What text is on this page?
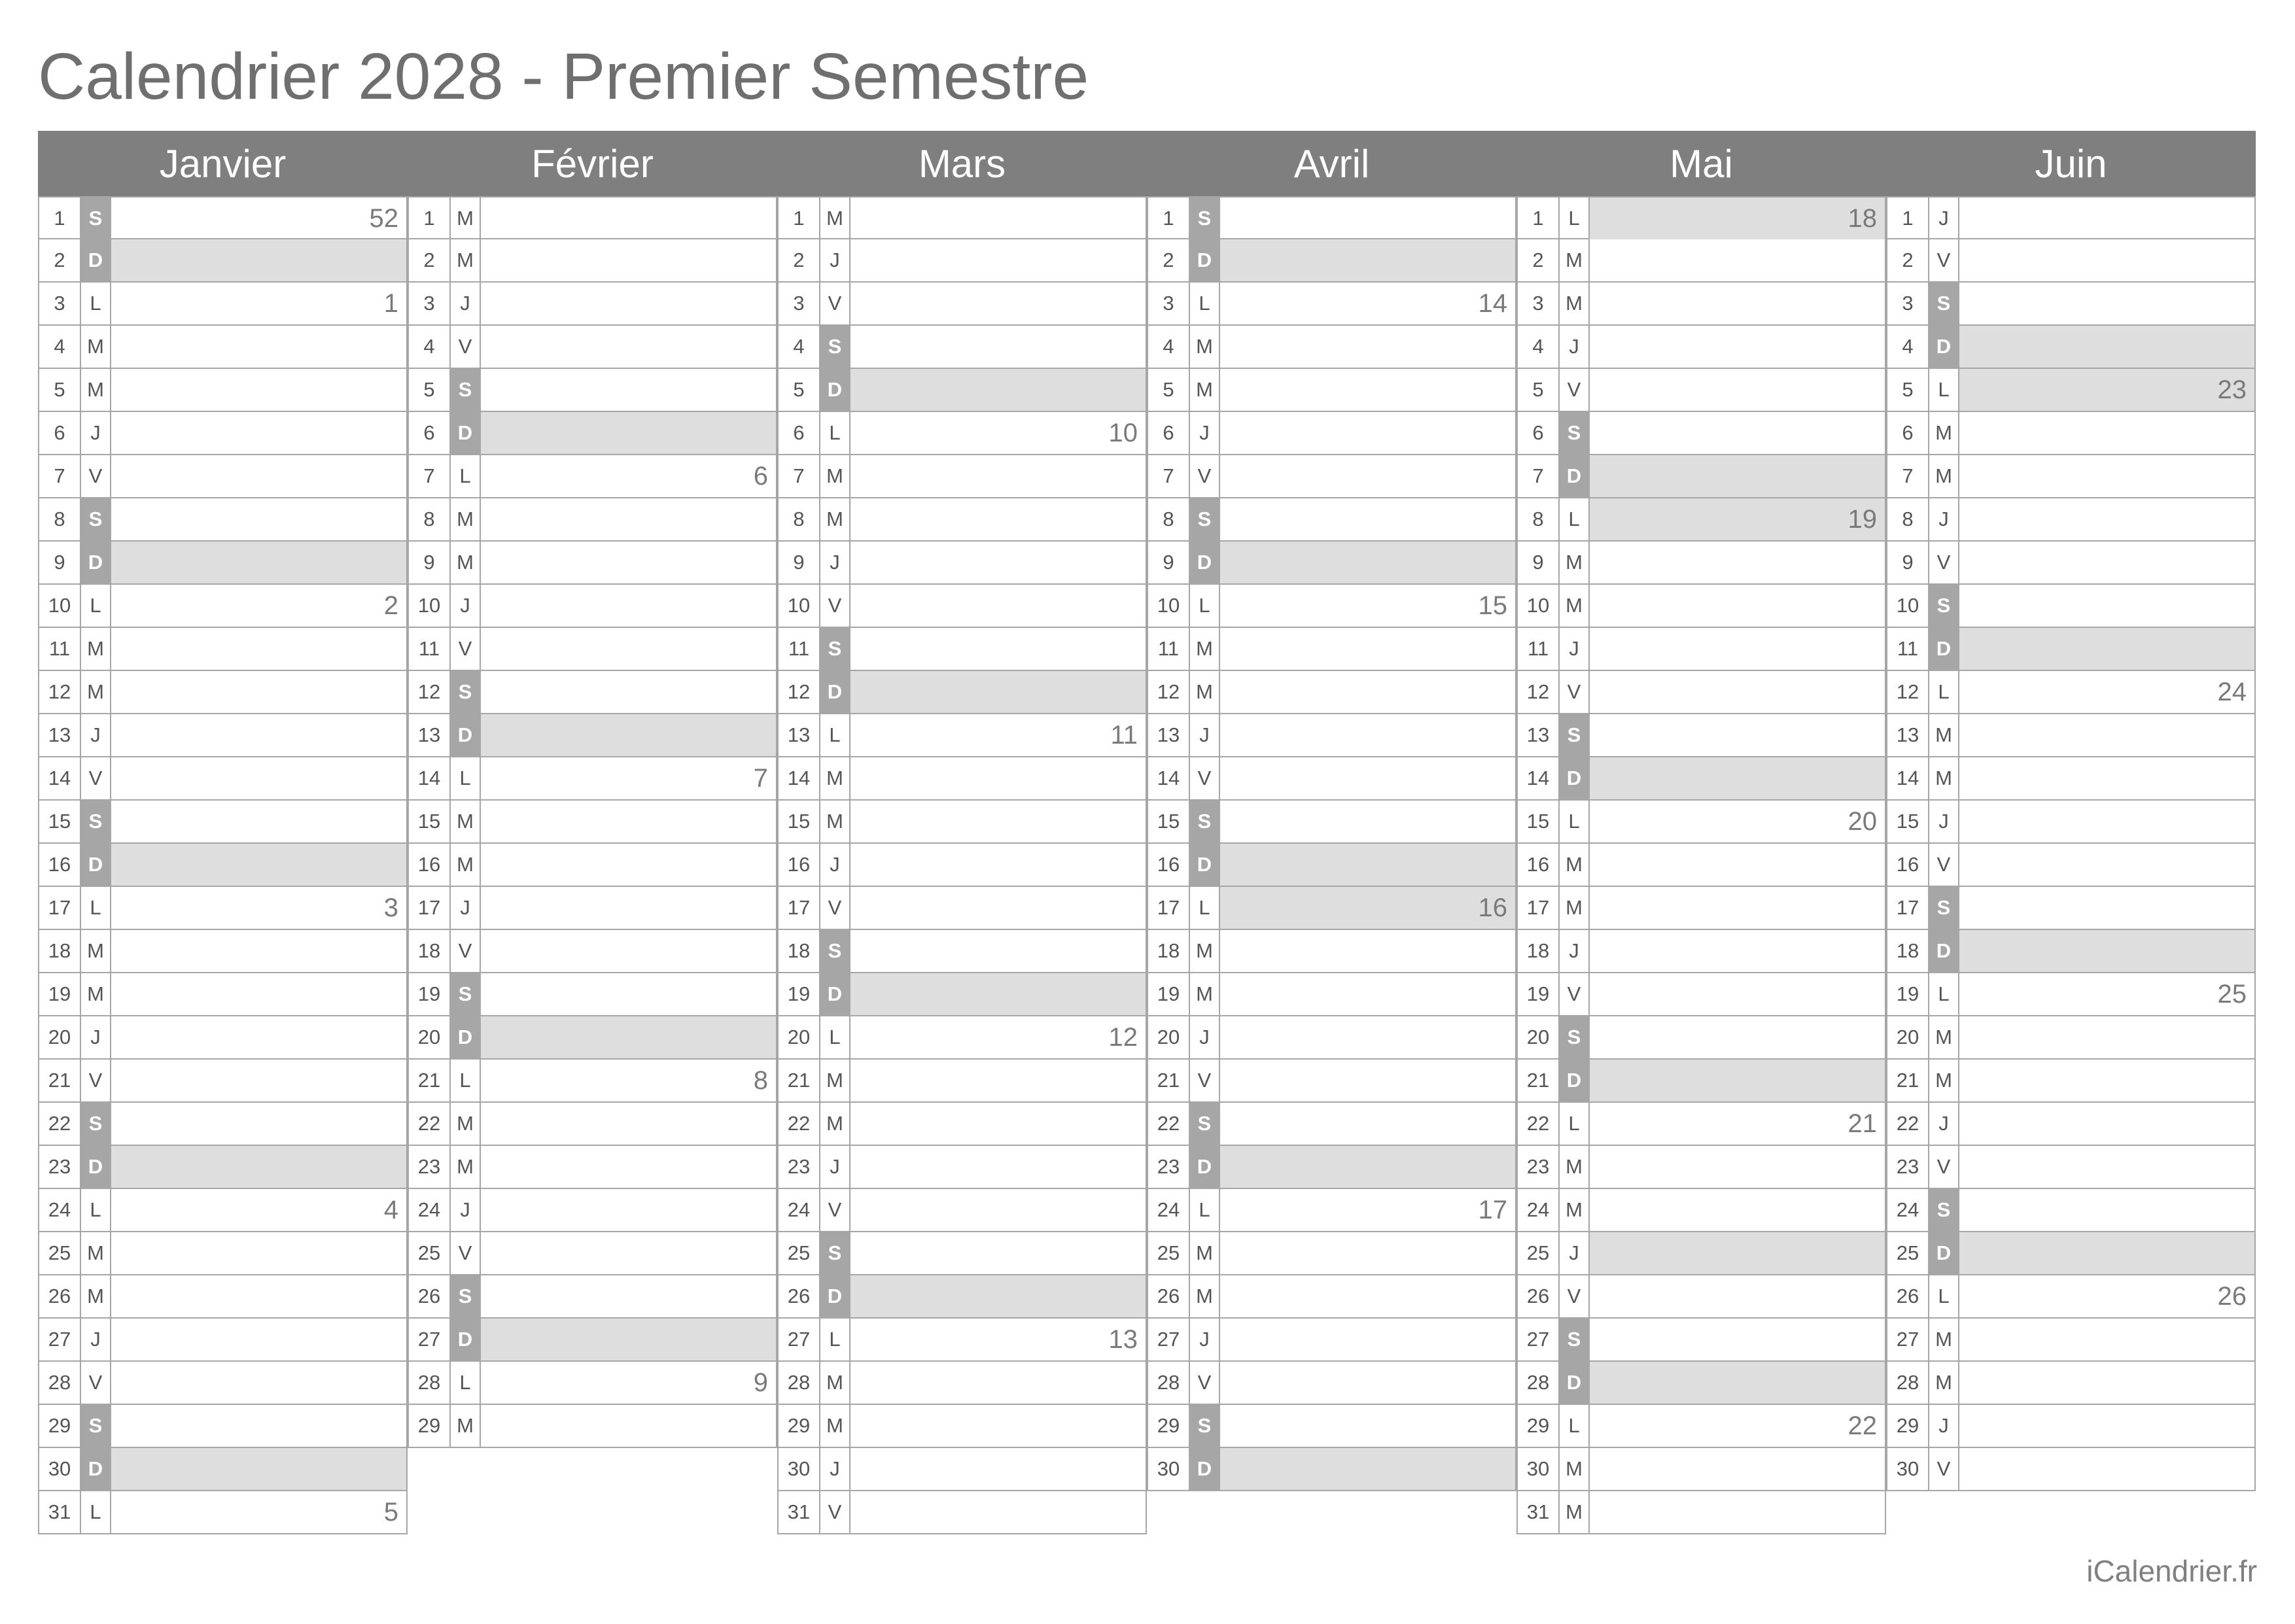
Calendrier 2028 - Premier Semestre
Janvier
1	S	52
2	D
3	L	1
4	M
5	M
6	J
7	V
8	S
9	D
10 L	2
11 M
12 M
13 J
14 V
15 S
16 D
17 L	3
18 M
19 M
20 J
21 V
22 S
23 D
24 L	4
25 M
26 M
27 J
28 V
29 S
30 D
31 L	5
Février
1	M
2	M
3	J
4	V
5	S
6	D
7	L	6
8	M
9	M
10 J
11 V
12 S
13 D
14 L	7
15 M
16 M
17 J
18 V
19 S
20 D
21 L	8
22 M
23 M
24 J
25 V
26 S
27 D
28 L	9
29 M
Mars
1	M
2	J
3	V
4	S
5	D
6	L	10
7	M
8	M
9	J
10 V
11 S
12 D
13 L	11
14 M
15 M
16 J
17 V
18 S
19 D
20 L	12
21 M
22 M
23 J
24 V
25 S
26 D
27 L	13
28 M
29 M
30 J
31 V
Avril
1	S
2	D
3	L	14
4	M
5	M
6	J
7	V
8	S
9	D
10 L	15
11 M
12 M
13 J
14 V
15 S
16 D
17 L	16
18 M
19 M
20 J
21 V
22 S
23 D
24 L	17
25 M
26 M
27 J
28 V
29 S
30 D
Mai
1	L	18
2	M
3	M
4	J
5	V
6	S
7	D
8	L	19
9	M
10 M
11	J
12 V
13 S
14 D
15 L	20
16 M
17 M
18 J
19 V
20 S
21 D
22 L	21
23 M
24 M
25 J
26 V
27 S
28 D
29 L	22
30 M
31 M
Juin
1	J
2	V
3	S
4	D
5	L	23
6	M
7	M
8	J
9	V
10 S
11 D
12 L	24
13 M
14 M
15 J
16 V
17 S
18 D
19 L	25
20 M
21 M
22 J
23 V
24 S
25 D
26 L	26
27 M
28 M
29 J
30 V
iCalendrier.fr
